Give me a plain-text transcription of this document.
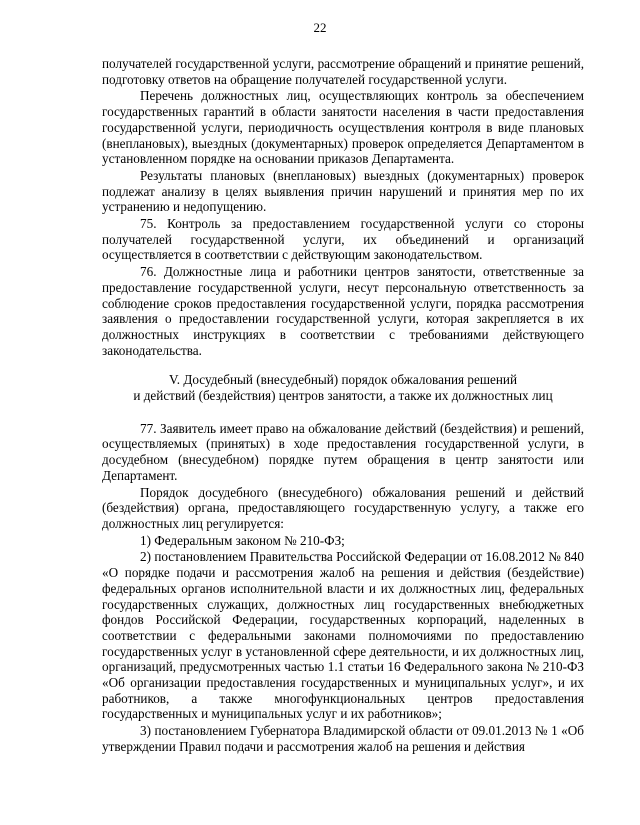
22

получателей государственной услуги, рассмотрение обращений и принятие решений, подготовку ответов на обращение получателей государственной услуги.

Перечень должностных лиц, осуществляющих контроль за обеспечением государственных гарантий в области занятости населения в части предоставления государственной услуги, периодичность осуществления контроля в виде плановых (внеплановых), выездных (документарных) проверок определяется Департаментом в установленном порядке на основании приказов Департамента.

Результаты плановых (внеплановых) выездных (документарных) проверок подлежат анализу в целях выявления причин нарушений и принятия мер по их устранению и недопущению.

75. Контроль за предоставлением государственной услуги со стороны получателей государственной услуги, их объединений и организаций осуществляется в соответствии с действующим законодательством.

76. Должностные лица и работники центров занятости, ответственные за предоставление государственной услуги, несут персональную ответственность за соблюдение сроков предоставления государственной услуги, порядка рассмотрения заявления о предоставлении государственной услуги, которая закрепляется в их должностных инструкциях в соответствии с требованиями действующего законодательства.

V. Досудебный (внесудебный) порядок обжалования решений
и действий (бездействия) центров занятости, а также их должностных лиц

77. Заявитель имеет право на обжалование действий (бездействия) и решений, осуществляемых (принятых) в ходе предоставления государственной услуги, в досудебном (внесудебном) порядке путем обращения в центр занятости или Департамент.

Порядок досудебного (внесудебного) обжалования решений и действий (бездействия) органа, предоставляющего государственную услугу, а также его должностных лиц регулируется:

1) Федеральным законом № 210-ФЗ;

2) постановлением Правительства Российской Федерации от 16.08.2012 № 840 «О порядке подачи и рассмотрения жалоб на решения и действия (бездействие) федеральных органов исполнительной власти и их должностных лиц, федеральных государственных служащих, должностных лиц государственных внебюджетных фондов Российской Федерации, государственных корпораций, наделенных в соответствии с федеральными законами полномочиями по предоставлению государственных услуг в установленной сфере деятельности, и их должностных лиц, организаций, предусмотренных частью 1.1 статьи 16 Федерального закона № 210-ФЗ «Об организации предоставления государственных и муниципальных услуг», и их работников, а также многофункциональных центров предоставления государственных и муниципальных услуг и их работников»;

3) постановлением Губернатора Владимирской области от 09.01.2013 № 1 «Об утверждении Правил подачи и рассмотрения жалоб на решения и действия
